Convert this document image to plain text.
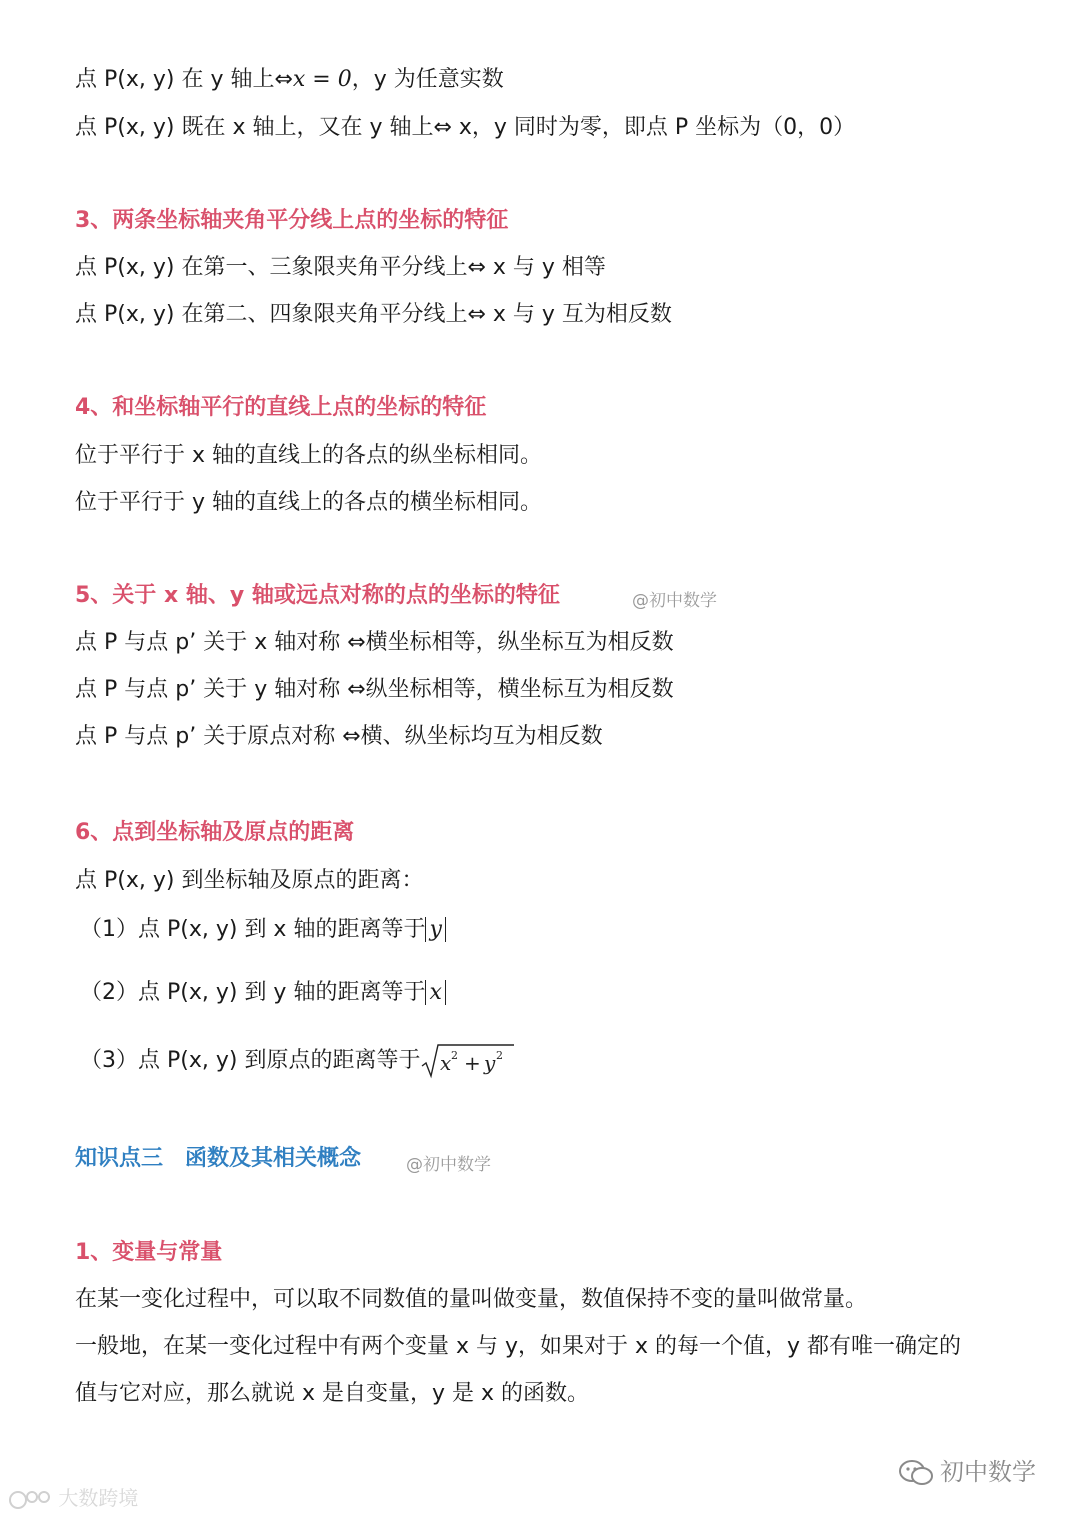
点 P(x, y) 在 y 轴上⇔x = 0，y 为任意实数

点 P(x, y) 既在 x 轴上，又在 y 轴上⇔ x，y 同时为零，即点 P 坐标为（0，0）

3、两条坐标轴夹角平分线上点的坐标的特征

点 P(x, y) 在第一、三象限夹角平分线上⇔ x 与 y 相等

点 P(x, y) 在第二、四象限夹角平分线上⇔ x 与 y 互为相反数

4、和坐标轴平行的直线上点的坐标的特征

位于平行于 x 轴的直线上的各点的纵坐标相同。

位于平行于 y 轴的直线上的各点的横坐标相同。

5、关于 x 轴、y 轴或远点对称的点的坐标的特征	@初中数学

点 P 与点 p’ 关于 x 轴对称 ⇔横坐标相等，纵坐标互为相反数

点 P 与点 p’ 关于 y 轴对称 ⇔纵坐标相等，横坐标互为相反数

点 P 与点 p’ 关于原点对称 ⇔横、纵坐标均互为相反数

6、点到坐标轴及原点的距离

点 P(x, y) 到坐标轴及原点的距离：

（1）点 P(x, y) 到 x 轴的距离等于 y

（2）点 P(x, y) 到 y 轴的距离等于 x

（3）点 P(x, y) 到原点的距离等于 x 2 + y 2

知识点三　函数及其相关概念	@初中数学

1、变量与常量

在某一变化过程中，可以取不同数值的量叫做变量，数值保持不变的量叫做常量。

一般地，在某一变化过程中有两个变量 x 与 y，如果对于 x 的每一个值，y 都有唯一确定的

值与它对应，那么就说 x 是自变量，y 是 x 的函数。

大数跨境
初中数学
